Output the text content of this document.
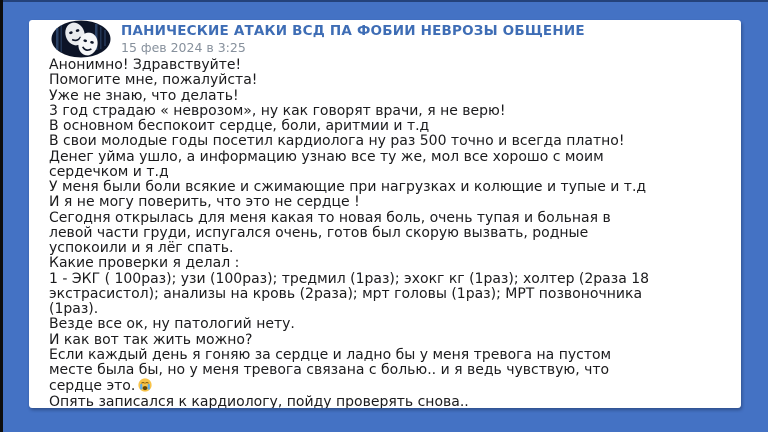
ПАНИЧЕСКИЕ АТАКИ ВСД ПА ФОБИИ НЕВРОЗЫ ОБЩЕНИЕ
15 фев 2024 в 3:25
Анонимно! Здравствуйте!
Помогите мне, пожалуйста!
Уже не знаю, что делать!
3 год страдаю « неврозом», ну как говорят врачи, я не верю!
В основном беспокоит сердце, боли, аритмии и т.д
В свои молодые годы посетил кардиолога ну раз 500 точно и всегда платно!
Денег уйма ушло, а информацию узнаю все ту же, мол все хорошо с моим
сердечком и т.д
У меня были боли всякие и сжимающие при нагрузках и колющие и тупые и т.д
И я не могу поверить, что это не сердце !
Сегодня открылась для меня какая то новая боль, очень тупая и больная в
левой части груди, испугался очень, готов был скорую вызвать, родные
успокоили и я лёг спать.
Какие проверки я делал :
1 - ЭКГ ( 100раз); узи (100раз); тредмил (1раз); эхокг кг (1раз); холтер (2раза 18
экстрасистол); анализы на кровь (2раза); мрт головы (1раз); МРТ позвоночника
(1раз).
Везде все ок, ну патологий нету.
И как вот так жить можно?
Если каждый день я гоняю за сердце и ладно бы у меня тревога на пустом
месте была бы, но у меня тревога связана с болью.. и я ведь чувствую, что
сердце это.
Опять записался к кардиологу, пойду проверять снова..
